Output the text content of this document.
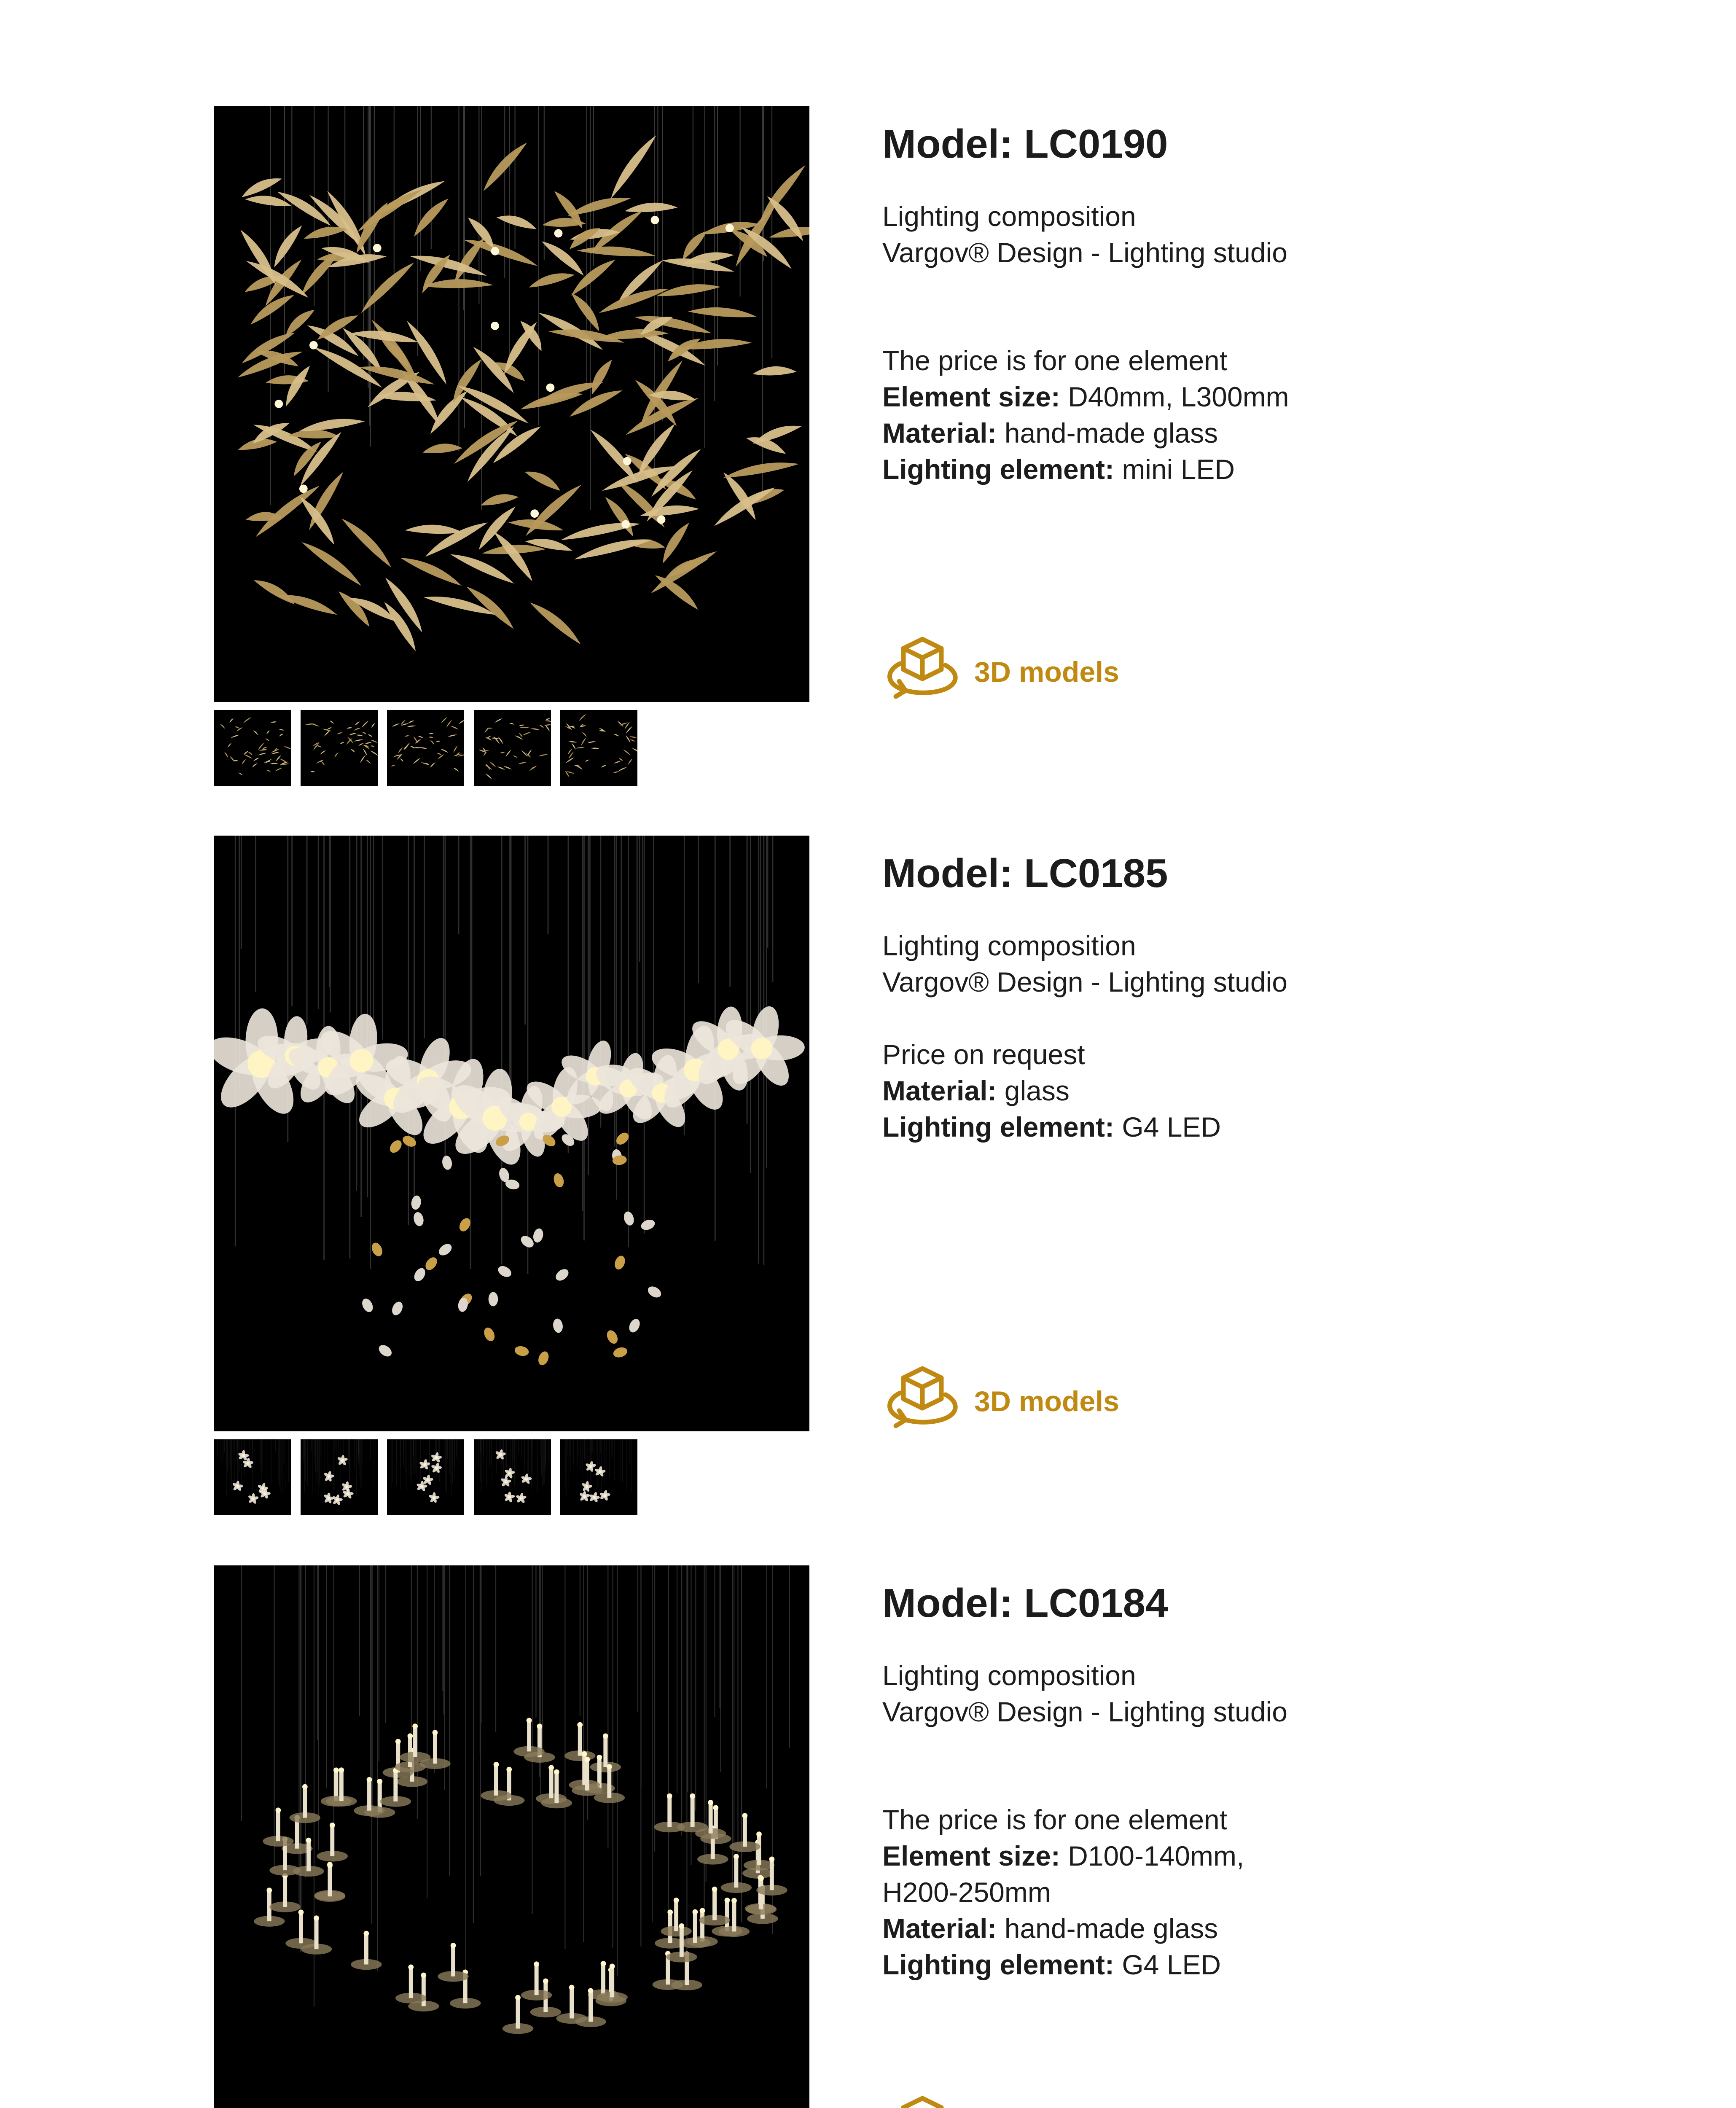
Model: LC0190
Lighting composition
Vargov® Design - Lighting studio
The price is for one element
Element size: D40mm, L300mm
Material: hand-made glass
Lighting element: mini LED
3D models
Model: LC0185
Lighting composition
Vargov® Design - Lighting studio
Price on request
Material: glass
Lighting element: G4 LED
3D models
Model: LC0184
Lighting composition
Vargov® Design - Lighting studio
The price is for one element
Element size: D100-140mm,
H200-250mm
Material: hand-made glass
Lighting element: G4 LED
